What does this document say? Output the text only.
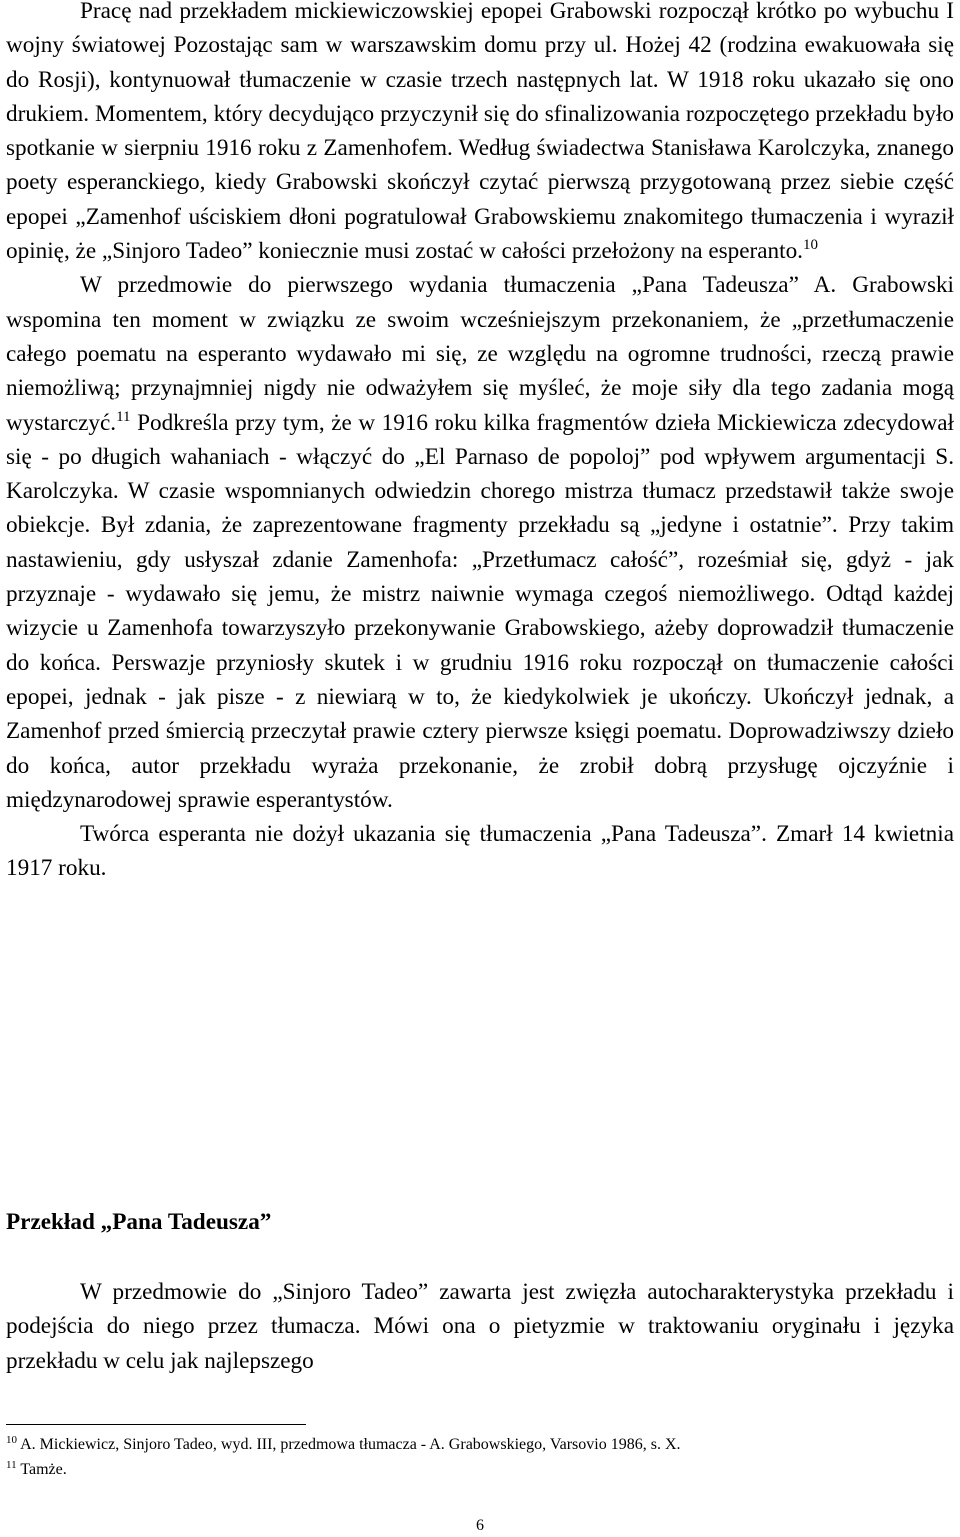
Pracę nad przekładem mickiewiczowskiej epopei Grabowski rozpoczął krótko po wybuchu I wojny światowej Pozostając sam w warszawskim domu przy ul. Hożej 42 (rodzina ewakuowała się do Rosji), kontynuował tłumaczenie w czasie trzech następnych lat. W 1918 roku ukazało się ono drukiem. Momentem, który decydująco przyczynił się do sfinalizowania rozpoczętego przekładu było spotkanie w sierpniu 1916 roku z Zamenhofem. Według świadectwa Stanisława Karolczyka, znanego poety esperanckiego, kiedy Grabowski skończył czytać pierwszą przygotowaną przez siebie część epopei „Zamenhof uściskiem dłoni pogratulował Grabowskiemu znakomitego tłumaczenia i wyraził opinię, że „Sinjoro Tadeo” koniecznie musi zostać w całości przełożony na esperanto.$^{10}$

W przedmowie do pierwszego wydania tłumaczenia „Pana Tadeusza” A. Grabowski wspomina ten moment w związku ze swoim wcześniejszym przekonaniem, że „przetłumaczenie całego poematu na esperanto wydawało mi się, ze względu na ogromne trudności, rzeczą prawie niemożliwą; przynajmniej nigdy nie odważyłem się myśleć, że moje siły dla tego zadania mogą wystarczyć.$^{11}$ Podkreśla przy tym, że w 1916 roku kilka fragmentów dzieła Mickiewicza zdecydował się - po długich wahaniach - włączyć do „El Parnaso de popoloj” pod wpływem argumentacji S. Karolczyka. W czasie wspomnianych odwiedzin chorego mistrza tłumacz przedstawił także swoje obiekcje. Był zdania, że zaprezentowane fragmenty przekładu są „jedyne i ostatnie”. Przy takim nastawieniu, gdy usłyszał zdanie Zamenhofa: „Przetłumacz całość”, roześmiał się, gdyż - jak przyznaje - wydawało się jemu, że mistrz naiwnie wymaga czegoś niemożliwego. Odtąd każdej wizycie u Zamenhofa towarzyszyło przekonywanie Grabowskiego, ażeby doprowadził tłumaczenie do końca. Perswazje przyniosły skutek i w grudniu 1916 roku rozpoczął on tłumaczenie całości epopei, jednak - jak pisze - z niewiarą w to, że kiedykolwiek je ukończy. Ukończył jednak, a Zamenhof przed śmiercią przeczytał prawie cztery pierwsze księgi poematu. Doprowadziwszy dzieło do końca, autor przekładu wyraża przekonanie, że zrobił dobrą przysługę ojczyźnie i międzynarodowej sprawie esperantystów.

Twórca esperanta nie dożył ukazania się tłumaczenia „Pana Tadeusza”. Zmarł 14 kwietnia 1917 roku.

Przekład „Pana Tadeusza”

W przedmowie do „Sinjoro Tadeo” zawarta jest zwięzła autocharakterystyka przekładu i podejścia do niego przez tłumacza. Mówi ona o pietyzmie w traktowaniu oryginału i języka przekładu w celu jak najlepszego

$^{10}$ A. Mickiewicz, Sinjoro Tadeo, wyd. III, przedmowa tłumacza - A. Grabowskiego, Varsovio 1986, s. X.
$^{11}$ Tamże.
6
